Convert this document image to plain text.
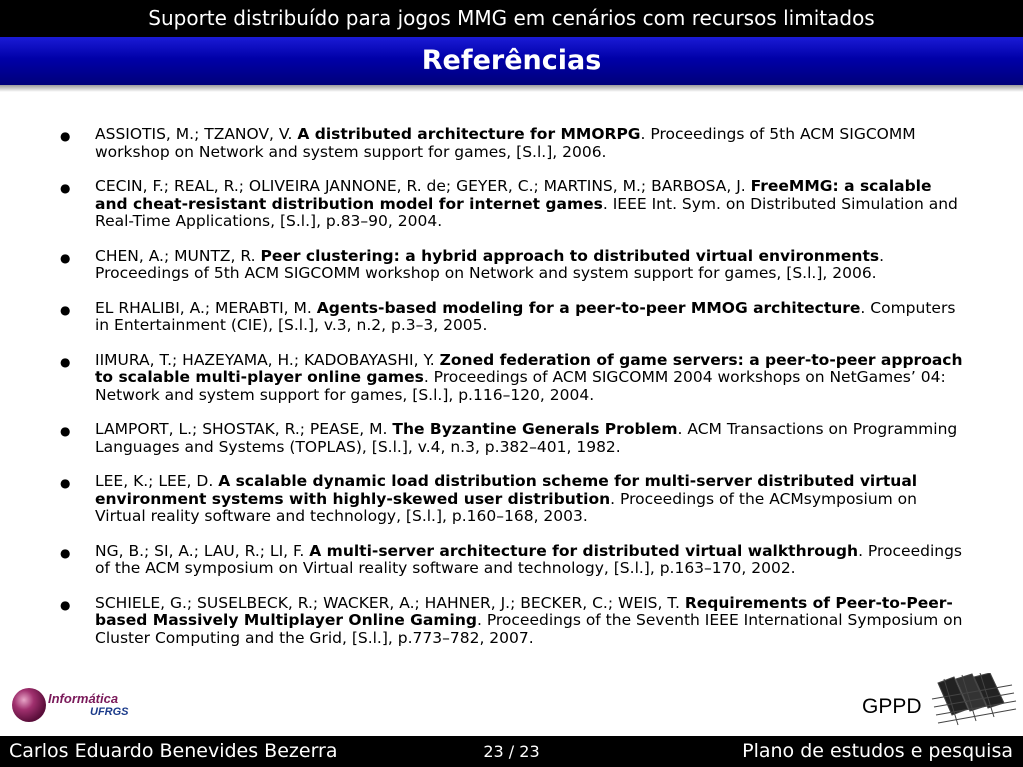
Suporte distribuído para jogos MMG em cenários com recursos limitados
Referências
● ASSIOTIS, M.; TZANOV, V. A distributed architecture for MMORPG. Proceedings of 5th ACM SIGCOMM workshop on Network and system support for games, [S.l.], 2006.
● CECIN, F.; REAL, R.; OLIVEIRA JANNONE, R. de; GEYER, C.; MARTINS, M.; BARBOSA, J. FreeMMG: a scalable and cheat-resistant distribution model for internet games. IEEE Int. Sym. on Distributed Simulation and Real-Time Applications, [S.l.], p.83–90, 2004.
● CHEN, A.; MUNTZ, R. Peer clustering: a hybrid approach to distributed virtual environments. Proceedings of 5th ACM SIGCOMM workshop on Network and system support for games, [S.l.], 2006.
● EL RHALIBI, A.; MERABTI, M. Agents-based modeling for a peer-to-peer MMOG architecture. Computers in Entertainment (CIE), [S.l.], v.3, n.2, p.3–3, 2005.
● IIMURA, T.; HAZEYAMA, H.; KADOBAYASHI, Y. Zoned federation of game servers: a peer-to-peer approach to scalable multi-player online games. Proceedings of ACM SIGCOMM 2004 workshops on NetGames’ 04: Network and system support for games, [S.l.], p.116–120, 2004.
● LAMPORT, L.; SHOSTAK, R.; PEASE, M. The Byzantine Generals Problem. ACM Transactions on Programming Languages and Systems (TOPLAS), [S.l.], v.4, n.3, p.382–401, 1982.
● LEE, K.; LEE, D. A scalable dynamic load distribution scheme for multi-server distributed virtual environment systems with highly-skewed user distribution. Proceedings of the ACMsymposium on Virtual reality software and technology, [S.l.], p.160–168, 2003.
● NG, B.; SI, A.; LAU, R.; LI, F. A multi-server architecture for distributed virtual walkthrough. Proceedings of the ACM symposium on Virtual reality software and technology, [S.l.], p.163–170, 2002.
● SCHIELE, G.; SUSELBECK, R.; WACKER, A.; HAHNER, J.; BECKER, C.; WEIS, T. Requirements of Peer-to-Peer-based Massively Multiplayer Online Gaming. Proceedings of the Seventh IEEE International Symposium on Cluster Computing and the Grid, [S.l.], p.773–782, 2007.
Informática
UFRGS	GPPD
Carlos Eduardo Benevides Bezerra	23 / 23	Plano de estudos e pesquisa
